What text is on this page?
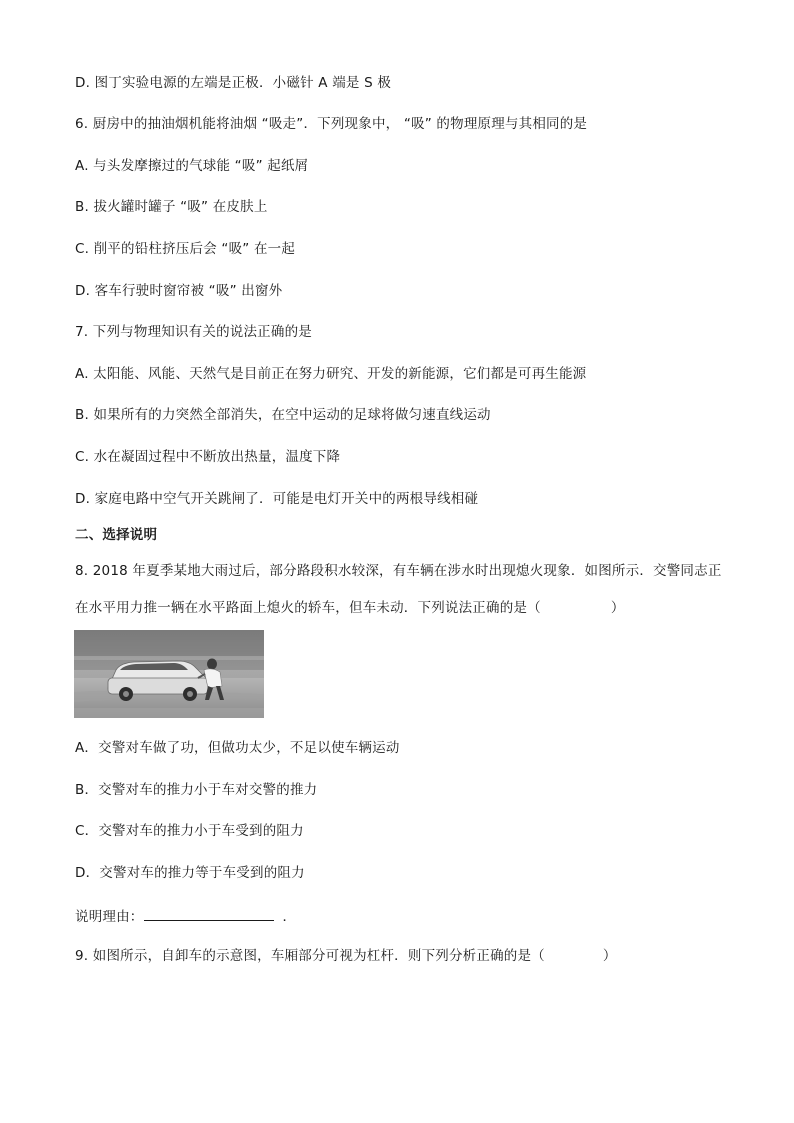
D. 图丁实验电源的左端是正极．小磁针 A 端是 S 极
6. 厨房中的抽油烟机能将油烟 “吸走”．下列现象中， “吸” 的物理原理与其相同的是
A. 与头发摩擦过的气球能 “吸” 起纸屑
B. 拔火罐时罐子 “吸” 在皮肤上
C. 削平的铅柱挤压后会 “吸” 在一起
D. 客车行驶时窗帘被 “吸” 出窗外
7. 下列与物理知识有关的说法正确的是
A. 太阳能、风能、天然气是目前正在努力研究、开发的新能源，它们都是可再生能源
B. 如果所有的力突然全部消失，在空中运动的足球将做匀速直线运动
C. 水在凝固过程中不断放出热量，温度下降
D. 家庭电路中空气开关跳闸了．可能是电灯开关中的两根导线相碰
二、选择说明
8. 2018 年夏季某地大雨过后，部分路段积水较深，有车辆在涉水时出现熄火现象．如图所示．交警同志正
在水平用力推一辆在水平路面上熄火的轿车，但车未动．下列说法正确的是（	）
A．交警对车做了功，但做功太少，不足以使车辆运动
B．交警对车的推力小于车对交警的推力
C．交警对车的推力小于车受到的阻力
D．交警对车的推力等于车受到的阻力
说明理由：	．
9. 如图所示，自卸车的示意图，车厢部分可视为杠杆．则下列分析正确的是（	）
